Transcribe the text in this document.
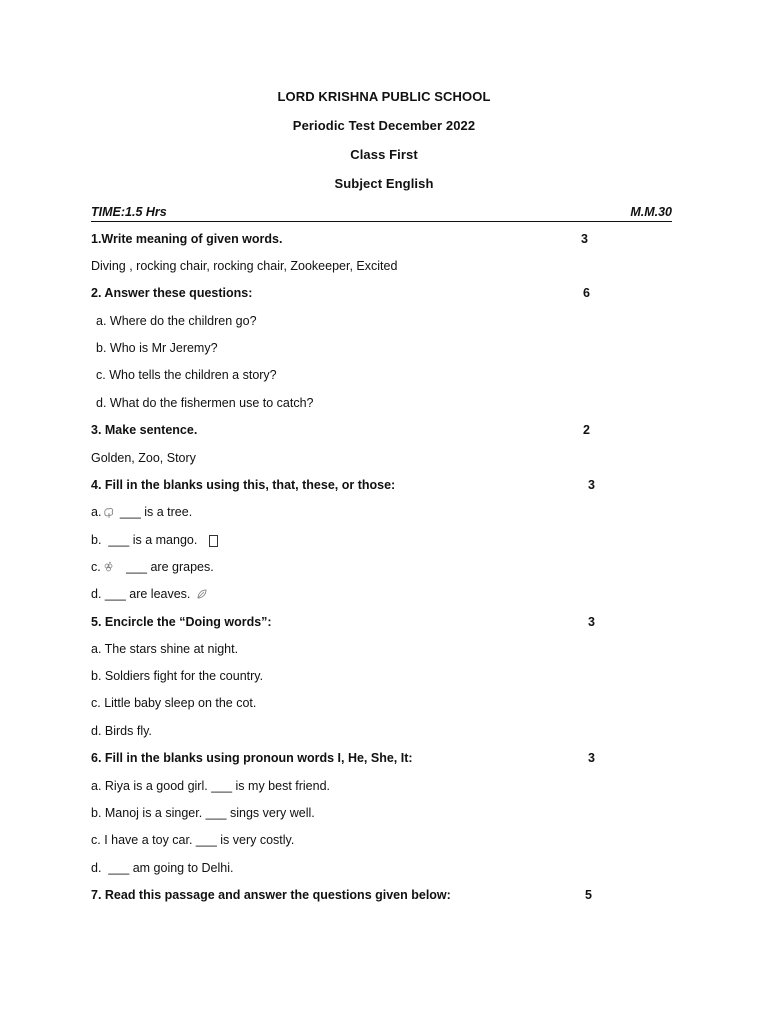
LORD KRISHNA PUBLIC SCHOOL
Periodic Test December 2022
Class First
Subject English
TIME:1.5 Hrs	M.M.30
1.Write meaning of given words.	3
Diving , rocking chair, rocking chair, Zookeeper, Excited
2. Answer these questions:	6
a. Where do the children go?
b. Who is Mr Jeremy?
c. Who tells the children a story?
d. What do the fishermen use to catch?
3. Make sentence.	2
Golden, Zoo, Story
4. Fill in the blanks using this, that, these, or those:	3
a. ___ is a tree.
b. ___ is a mango.
c. ___ are grapes.
d. ___ are leaves.
5. Encircle the “Doing words”:	3
a. The stars shine at night.
b. Soldiers fight for the country.
c. Little baby sleep on the cot.
d. Birds fly.
6. Fill in the blanks using pronoun words I, He, She, It:	3
a. Riya is a good girl. ___ is my best friend.
b. Manoj is a singer. ___ sings very well.
c. I have a toy car. ___ is very costly.
d.  ___ am going to Delhi.
7. Read this passage and answer the questions given below:	5
